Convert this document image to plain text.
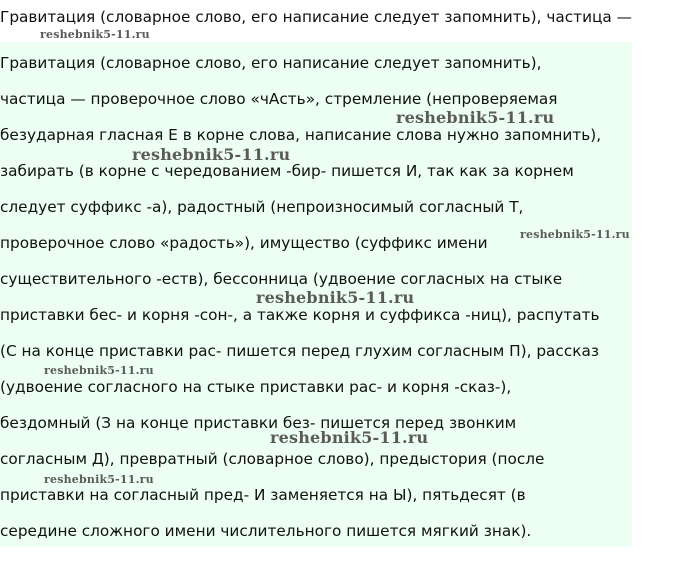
Гравитация (словарное слово, его написание следует запомнить), частица —
Гравитация (словарное слово, его написание следует запомнить),
частица — проверочное слово «чАсть», стремление (непроверяемая
безударная гласная Е в корне слова, написание слова нужно запомнить),
забирать (в корне с чередованием -бир- пишется И, так как за корнем
следует суффикс -а), радостный (непроизносимый согласный Т,
проверочное слово «радость»), имущество (суффикс имени
существительного -еств), бессонница (удвоение согласных на стыке
приставки бес- и корня -сон-, а также корня и суффикса -ниц), распутать
(С на конце приставки рас- пишется перед глухим согласным П), рассказ
(удвоение согласного на стыке приставки рас- и корня -сказ-),
бездомный (З на конце приставки без- пишется перед звонким
согласным Д), превратный (словарное слово), предыстория (после
приставки на согласный пред- И заменяется на Ы), пятьдесят (в
середине сложного имени числительного пишется мягкий знак).
reshebnik5-11.ru
reshebnik5-11.ru
reshebnik5-11.ru
reshebnik5-11.ru
reshebnik5-11.ru
reshebnik5-11.ru
reshebnik5-11.ru
reshebnik5-11.ru
